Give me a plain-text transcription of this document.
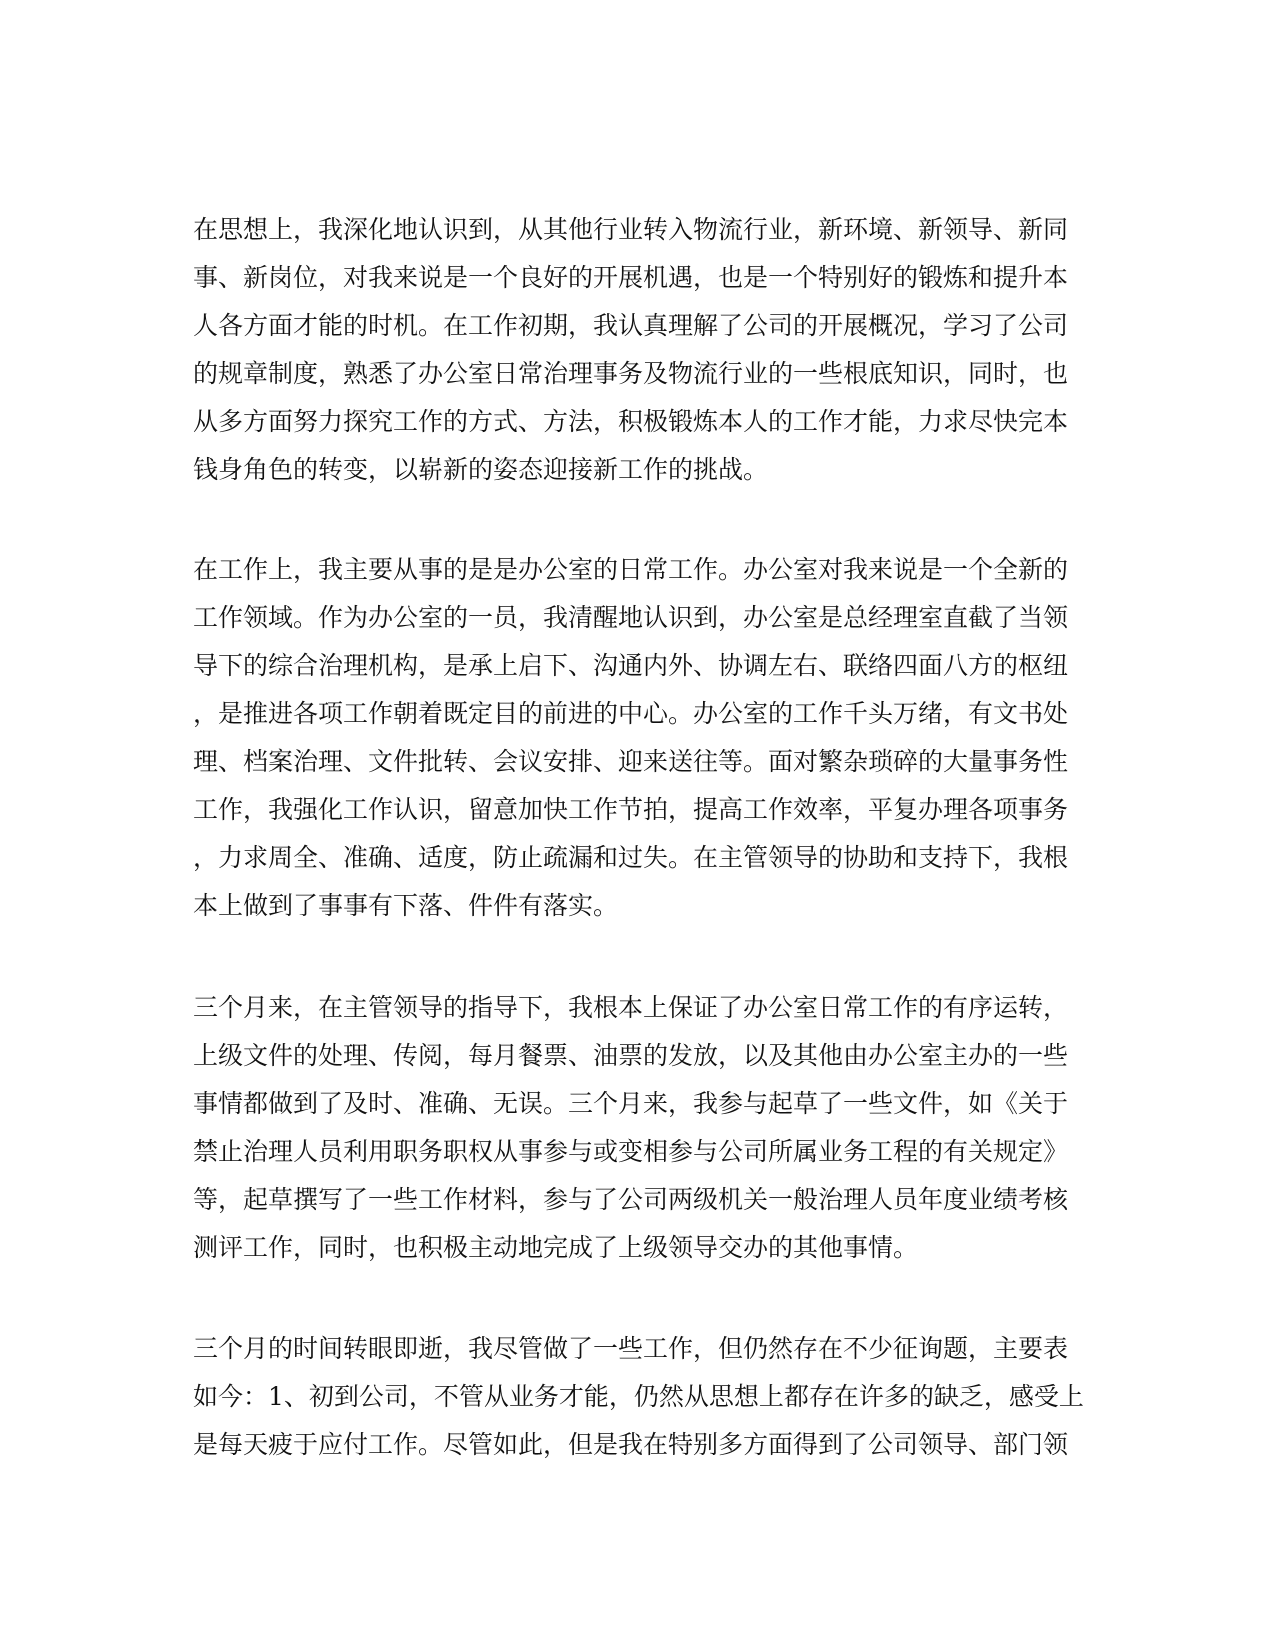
在思想上，我深化地认识到，从其他行业转入物流行业，新环境、新领导、新同
事、新岗位，对我来说是一个良好的开展机遇，也是一个特别好的锻炼和提升本
人各方面才能的时机。在工作初期，我认真理解了公司的开展概况，学习了公司
的规章制度，熟悉了办公室日常治理事务及物流行业的一些根底知识，同时，也
从多方面努力探究工作的方式、方法，积极锻炼本人的工作才能，力求尽快完本
钱身角色的转变，以崭新的姿态迎接新工作的挑战。
在工作上，我主要从事的是是办公室的日常工作。办公室对我来说是一个全新的
工作领域。作为办公室的一员，我清醒地认识到，办公室是总经理室直截了当领
导下的综合治理机构，是承上启下、沟通内外、协调左右、联络四面八方的枢纽
，是推进各项工作朝着既定目的前进的中心。办公室的工作千头万绪，有文书处
理、档案治理、文件批转、会议安排、迎来送往等。面对繁杂琐碎的大量事务性
工作，我强化工作认识，留意加快工作节拍，提高工作效率，平复办理各项事务
，力求周全、准确、适度，防止疏漏和过失。在主管领导的协助和支持下，我根
本上做到了事事有下落、件件有落实。
三个月来，在主管领导的指导下，我根本上保证了办公室日常工作的有序运转，
上级文件的处理、传阅，每月餐票、油票的发放，以及其他由办公室主办的一些
事情都做到了及时、准确、无误。三个月来，我参与起草了一些文件，如《关于
禁止治理人员利用职务职权从事参与或变相参与公司所属业务工程的有关规定》
等，起草撰写了一些工作材料，参与了公司两级机关一般治理人员年度业绩考核
测评工作，同时，也积极主动地完成了上级领导交办的其他事情。
三个月的时间转眼即逝，我尽管做了一些工作，但仍然存在不少征询题，主要表
如今：1、初到公司，不管从业务才能，仍然从思想上都存在许多的缺乏，感受上
是每天疲于应付工作。尽管如此，但是我在特别多方面得到了公司领导、部门领
